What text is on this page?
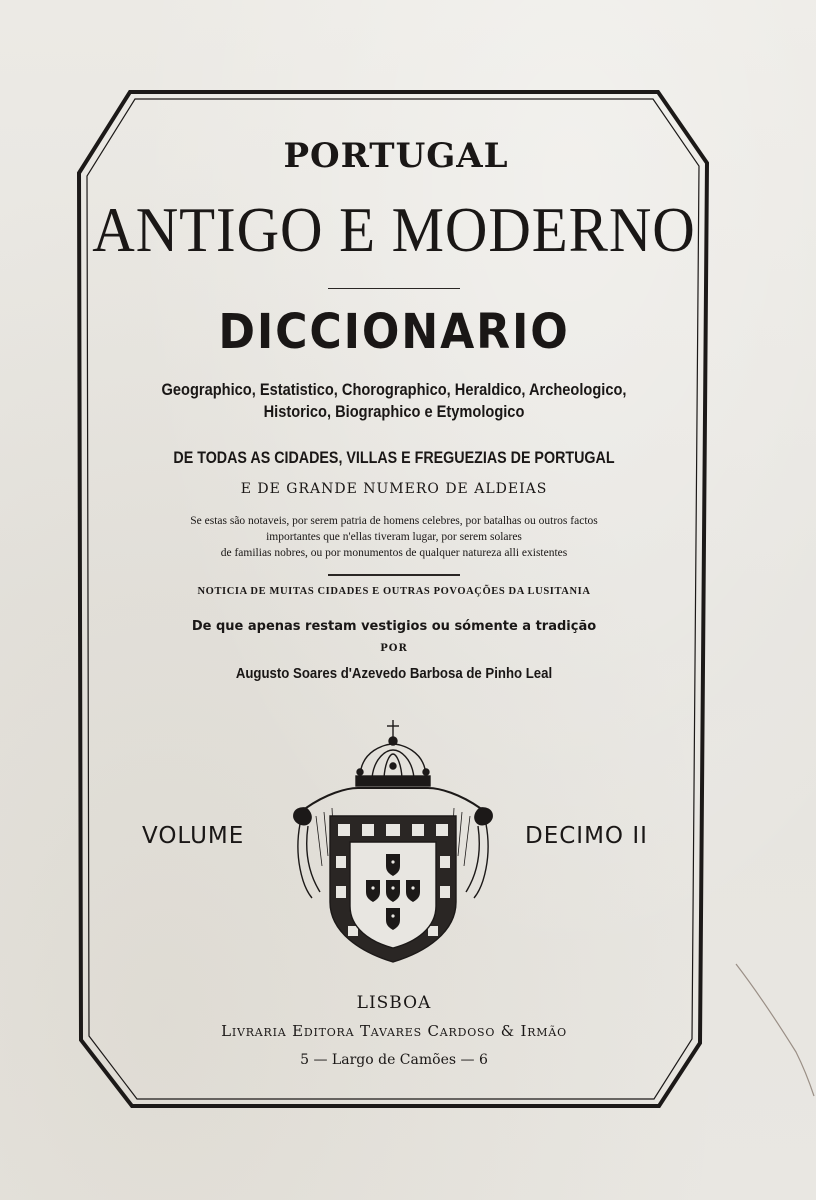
PORTUGAL
ANTIGO E MODERNO
DICCIONARIO
Geographico, Estatistico, Chorographico, Heraldico, Archeologico,
Historico, Biographico e Etymologico
DE TODAS AS CIDADES, VILLAS E FREGUEZIAS DE PORTUGAL
E DE GRANDE NUMERO DE ALDEIAS
Se estas são notaveis, por serem patria de homens celebres, por batalhas ou outros factos
importantes que n'ellas tiveram lugar, por serem solares
de familias nobres, ou por monumentos de qualquer natureza alli existentes
NOTICIA DE MUITAS CIDADES E OUTRAS POVOAÇÕES DA LUSITANIA
De que apenas restam vestigios ou sómente a tradição
POR
Augusto Soares d'Azevedo Barbosa de Pinho Leal
VOLUME	DECIMO II
LISBOA
Livraria Editora Tavares Cardoso & Irmão
5 — Largo de Camões — 6
